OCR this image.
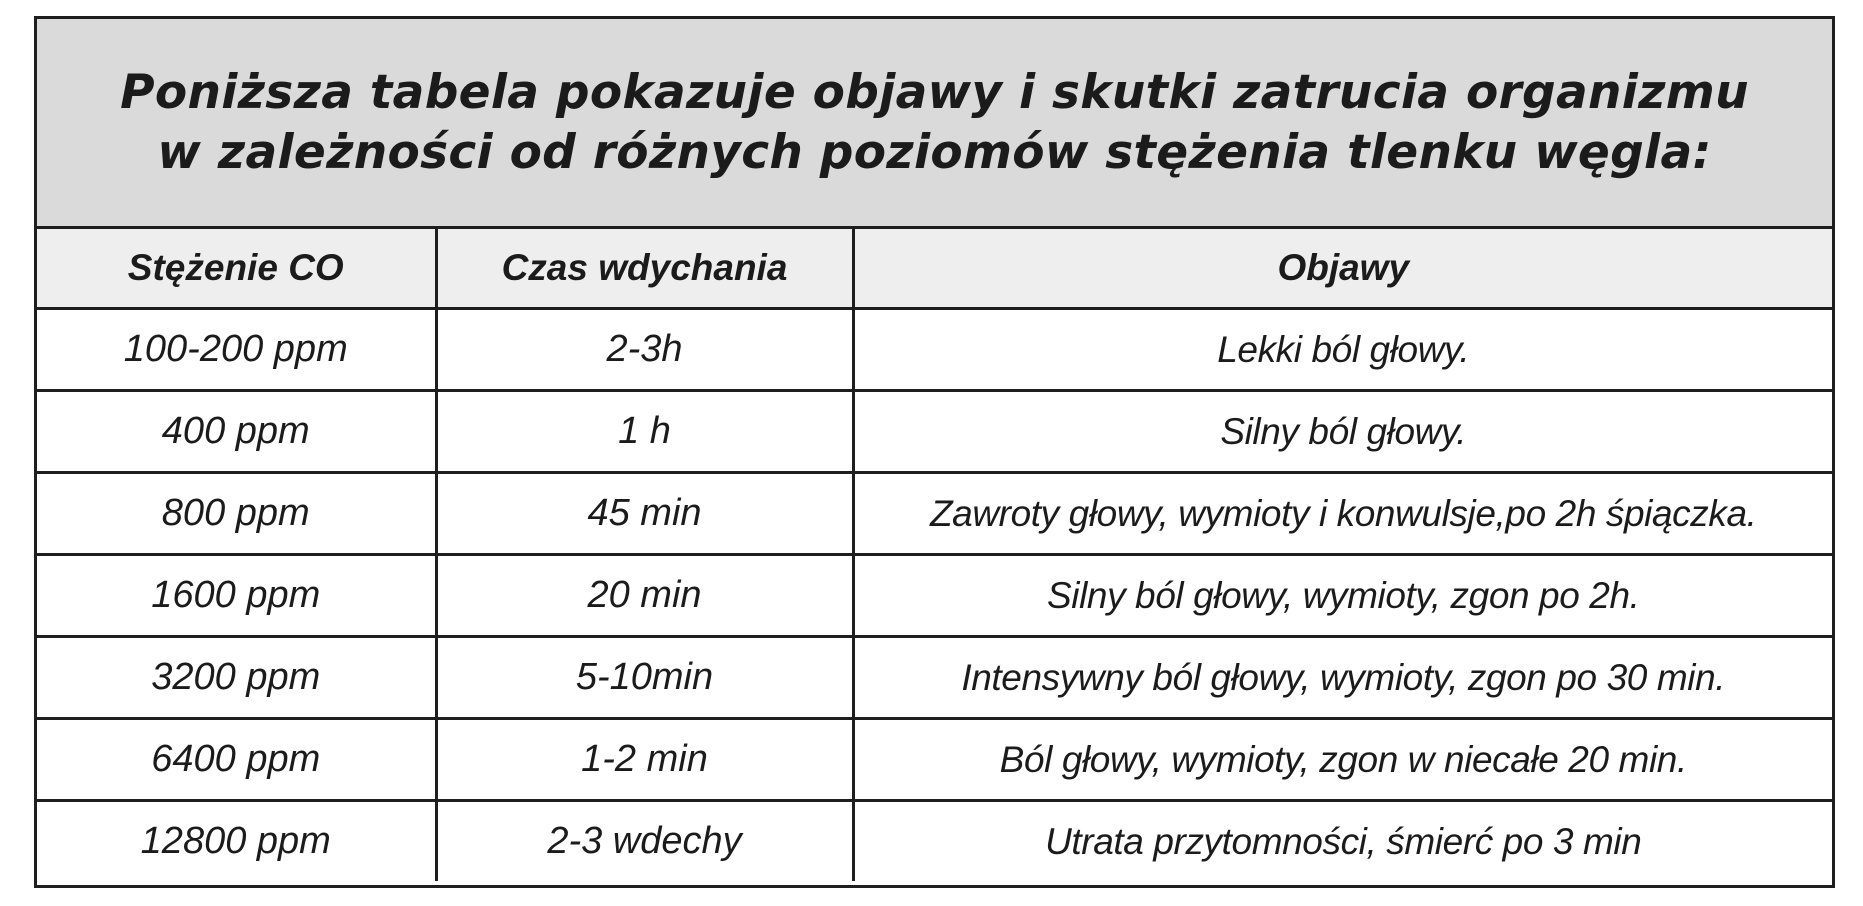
Poniższa tabela pokazuje objawy i skutki zatrucia organizmu
w zależności od różnych poziomów stężenia tlenku węgla:
Stężenie CO	Czas wdychania	Objawy
100-200 ppm	2-3h	Lekki ból głowy.
400 ppm	1 h	Silny ból głowy.
800 ppm	45 min	Zawroty głowy, wymioty i konwulsje,po 2h śpiączka.
1600 ppm	20 min	Silny ból głowy, wymioty, zgon po 2h.
3200 ppm	5-10min	Intensywny ból głowy, wymioty, zgon po 30 min.
6400 ppm	1-2 min	Ból głowy, wymioty, zgon w niecałe 20 min.
12800 ppm	2-3 wdechy	Utrata przytomności, śmierć po 3 min
